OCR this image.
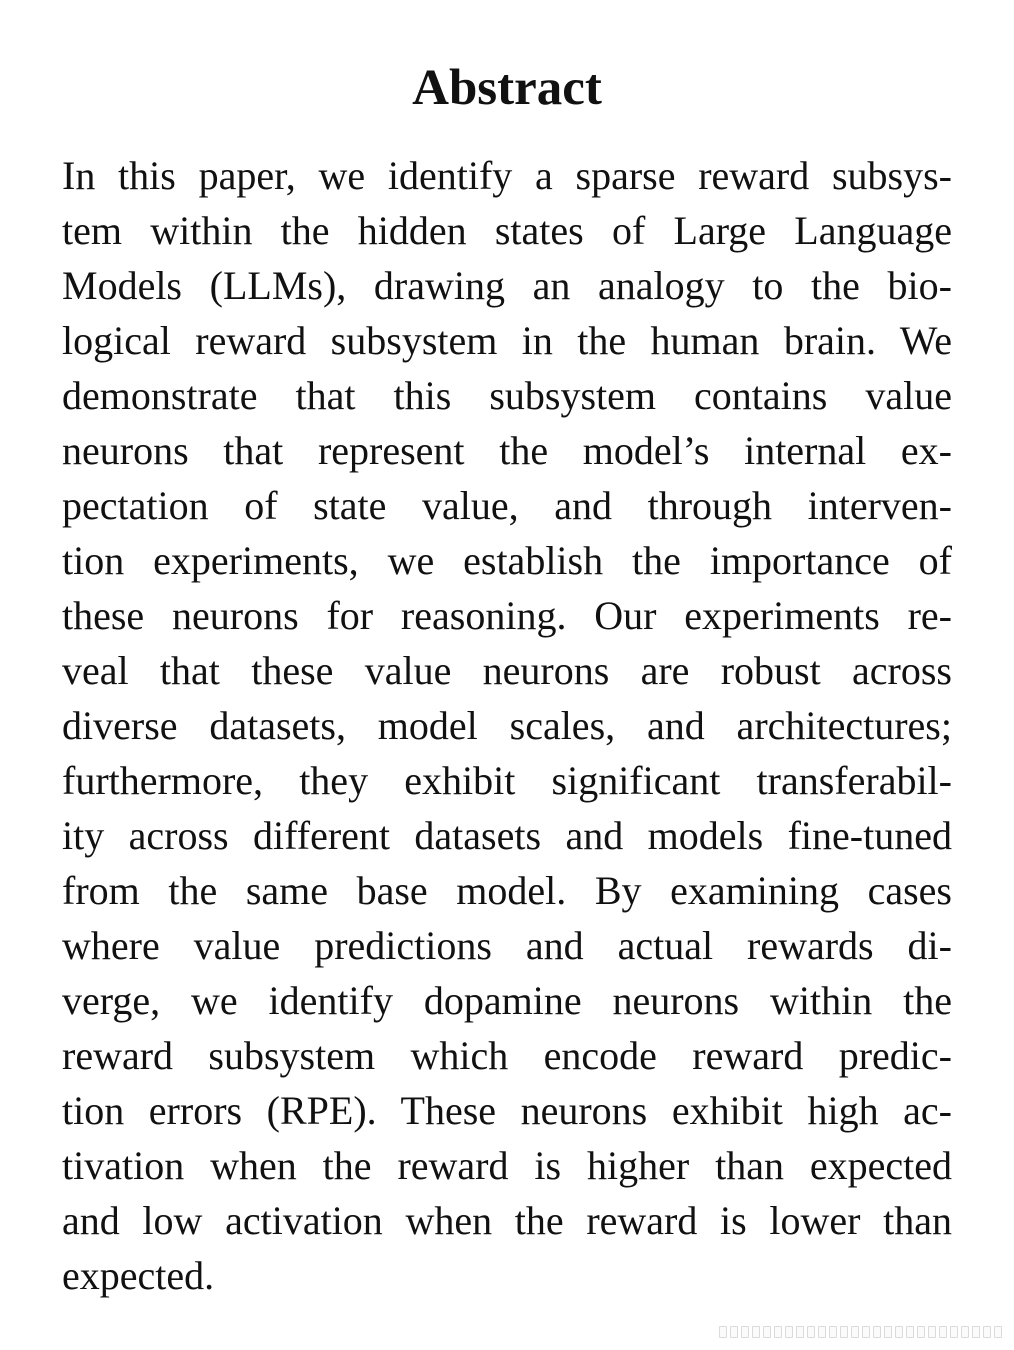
Abstract
In this paper, we identify a sparse reward subsys-
tem within the hidden states of Large Language
Models (LLMs), drawing an analogy to the bio-
logical reward subsystem in the human brain. We
demonstrate that this subsystem contains value
neurons that represent the model’s internal ex-
pectation of state value, and through interven-
tion experiments, we establish the importance of
these neurons for reasoning. Our experiments re-
veal that these value neurons are robust across
diverse datasets, model scales, and architectures;
furthermore, they exhibit significant transferabil-
ity across different datasets and models fine-tuned
from the same base model. By examining cases
where value predictions and actual rewards di-
verge, we identify dopamine neurons within the
reward subsystem which encode reward predic-
tion errors (RPE). These neurons exhibit high ac-
tivation when the reward is higher than expected
and low activation when the reward is lower than
expected.
